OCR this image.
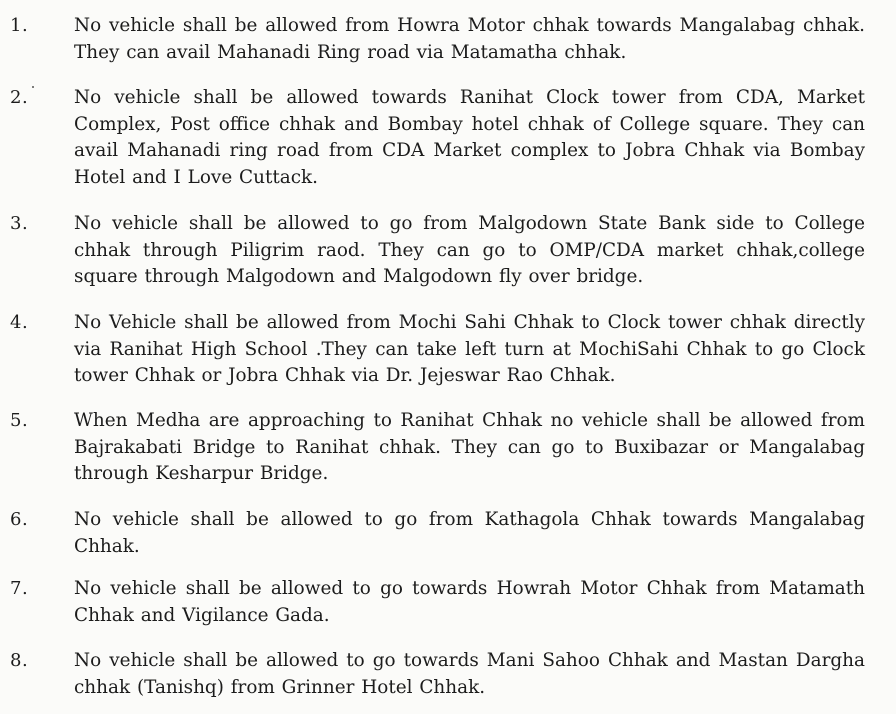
1.	No vehicle shall be allowed from Howra Motor chhak towards Mangalabag chhak. They can avail Mahanadi Ring road via Matamatha chhak.
2.	No vehicle shall be allowed towards Ranihat Clock tower from CDA, Market Complex, Post office chhak and Bombay hotel chhak of College square. They can avail Mahanadi ring road from CDA Market complex to Jobra Chhak via Bombay Hotel and I Love Cuttack.
3.	No vehicle shall be allowed to go from Malgodown State Bank side to College chhak through Piligrim raod. They can go to OMP/CDA market chhak,college square through Malgodown and Malgodown fly over bridge.
4.	No Vehicle shall be allowed from Mochi Sahi Chhak to Clock tower chhak directly via Ranihat High School .They can take left turn at MochiSahi Chhak to go Clock tower Chhak or Jobra Chhak via Dr. Jejeswar Rao Chhak.
5.	When Medha are approaching to Ranihat Chhak no vehicle shall be allowed from Bajrakabati Bridge to Ranihat chhak. They can go to Buxibazar or Mangalabag through Kesharpur Bridge.
6.	No vehicle shall be allowed to go from Kathagola Chhak towards Mangalabag Chhak.
7.	No vehicle shall be allowed to go towards Howrah Motor Chhak from Matamath Chhak and Vigilance Gada.
8.	No vehicle shall be allowed to go towards Mani Sahoo Chhak and Mastan Dargha chhak (Tanishq) from Grinner Hotel Chhak.
